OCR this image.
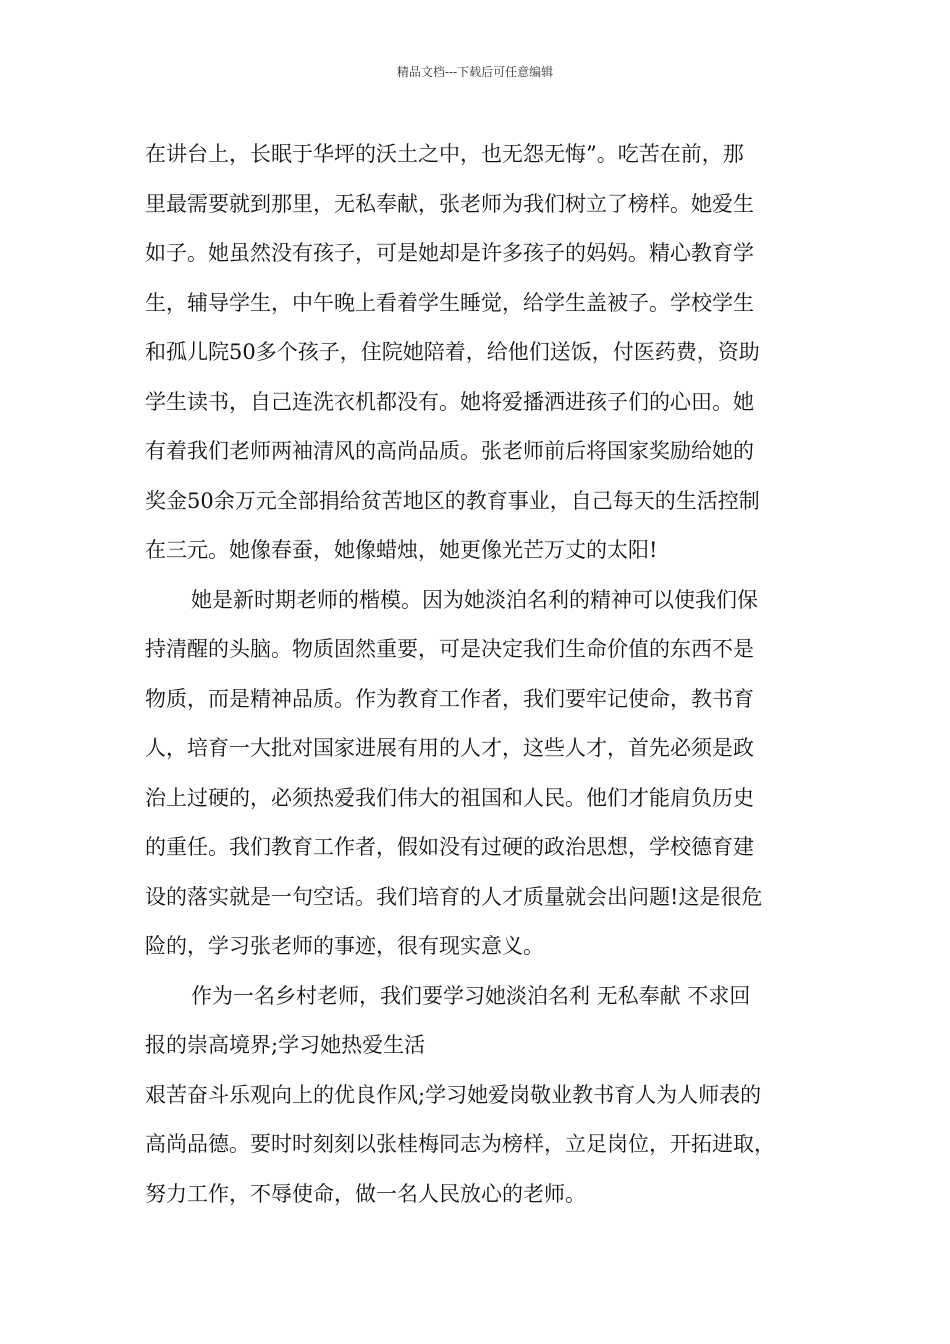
精品文档---下载后可任意编辑
在讲台上，长眠于华坪的沃土之中，也无怨无悔”。吃苦在前，那
里最需要就到那里，无私奉献，张老师为我们树立了榜样。她爱生
如子。她虽然没有孩子，可是她却是许多孩子的妈妈。精心教育学
生，辅导学生，中午晚上看着学生睡觉，给学生盖被子。学校学生
和孤儿院50多个孩子，住院她陪着，给他们送饭，付医药费，资助
学生读书，自己连洗衣机都没有。她将爱播洒进孩子们的心田。她
有着我们老师两袖清风的高尚品质。张老师前后将国家奖励给她的
奖金50余万元全部捐给贫苦地区的教育事业，自己每天的生活控制
在三元。她像春蚕，她像蜡烛，她更像光芒万丈的太阳!
她是新时期老师的楷模。因为她淡泊名利的精神可以使我们保
持清醒的头脑。物质固然重要，可是决定我们生命价值的东西不是
物质，而是精神品质。作为教育工作者，我们要牢记使命，教书育
人，培育一大批对国家进展有用的人才，这些人才，首先必须是政
治上过硬的，必须热爱我们伟大的祖国和人民。他们才能肩负历史
的重任。我们教育工作者，假如没有过硬的政治思想，学校德育建
设的落实就是一句空话。我们培育的人才质量就会出问题!这是很危
险的，学习张老师的事迹，很有现实意义。
作为一名乡村老师，我们要学习她淡泊名利 无私奉献 不求回
报的崇高境界;学习她热爱生活
艰苦奋斗乐观向上的优良作风;学习她爱岗敬业教书育人为人师表的
高尚品德。要时时刻刻以张桂梅同志为榜样，立足岗位，开拓进取，
努力工作，不辱使命，做一名人民放心的老师。
